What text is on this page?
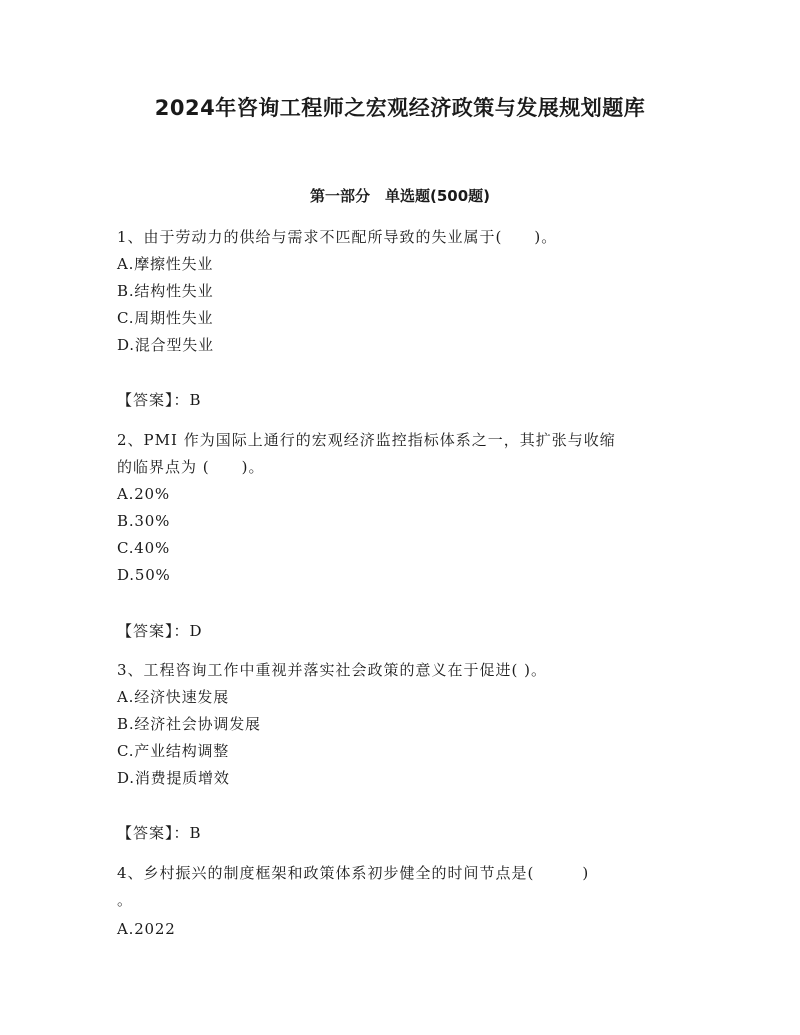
2024年咨询工程师之宏观经济政策与发展规划题库
第一部分　单选题(500题)
1、由于劳动力的供给与需求不匹配所导致的失业属于(　　)。
A.摩擦性失业
B.结构性失业
C.周期性失业
D.混合型失业
【答案】：B
2、PMI 作为国际上通行的宏观经济监控指标体系之一，其扩张与收缩
的临界点为 (　　)。
A.20%
B.30%
C.40%
D.50%
【答案】：D
3、工程咨询工作中重视并落实社会政策的意义在于促进( )。
A.经济快速发展
B.经济社会协调发展
C.产业结构调整
D.消费提质增效
【答案】：B
4、乡村振兴的制度框架和政策体系初步健全的时间节点是(　　　)
。
A.2022
